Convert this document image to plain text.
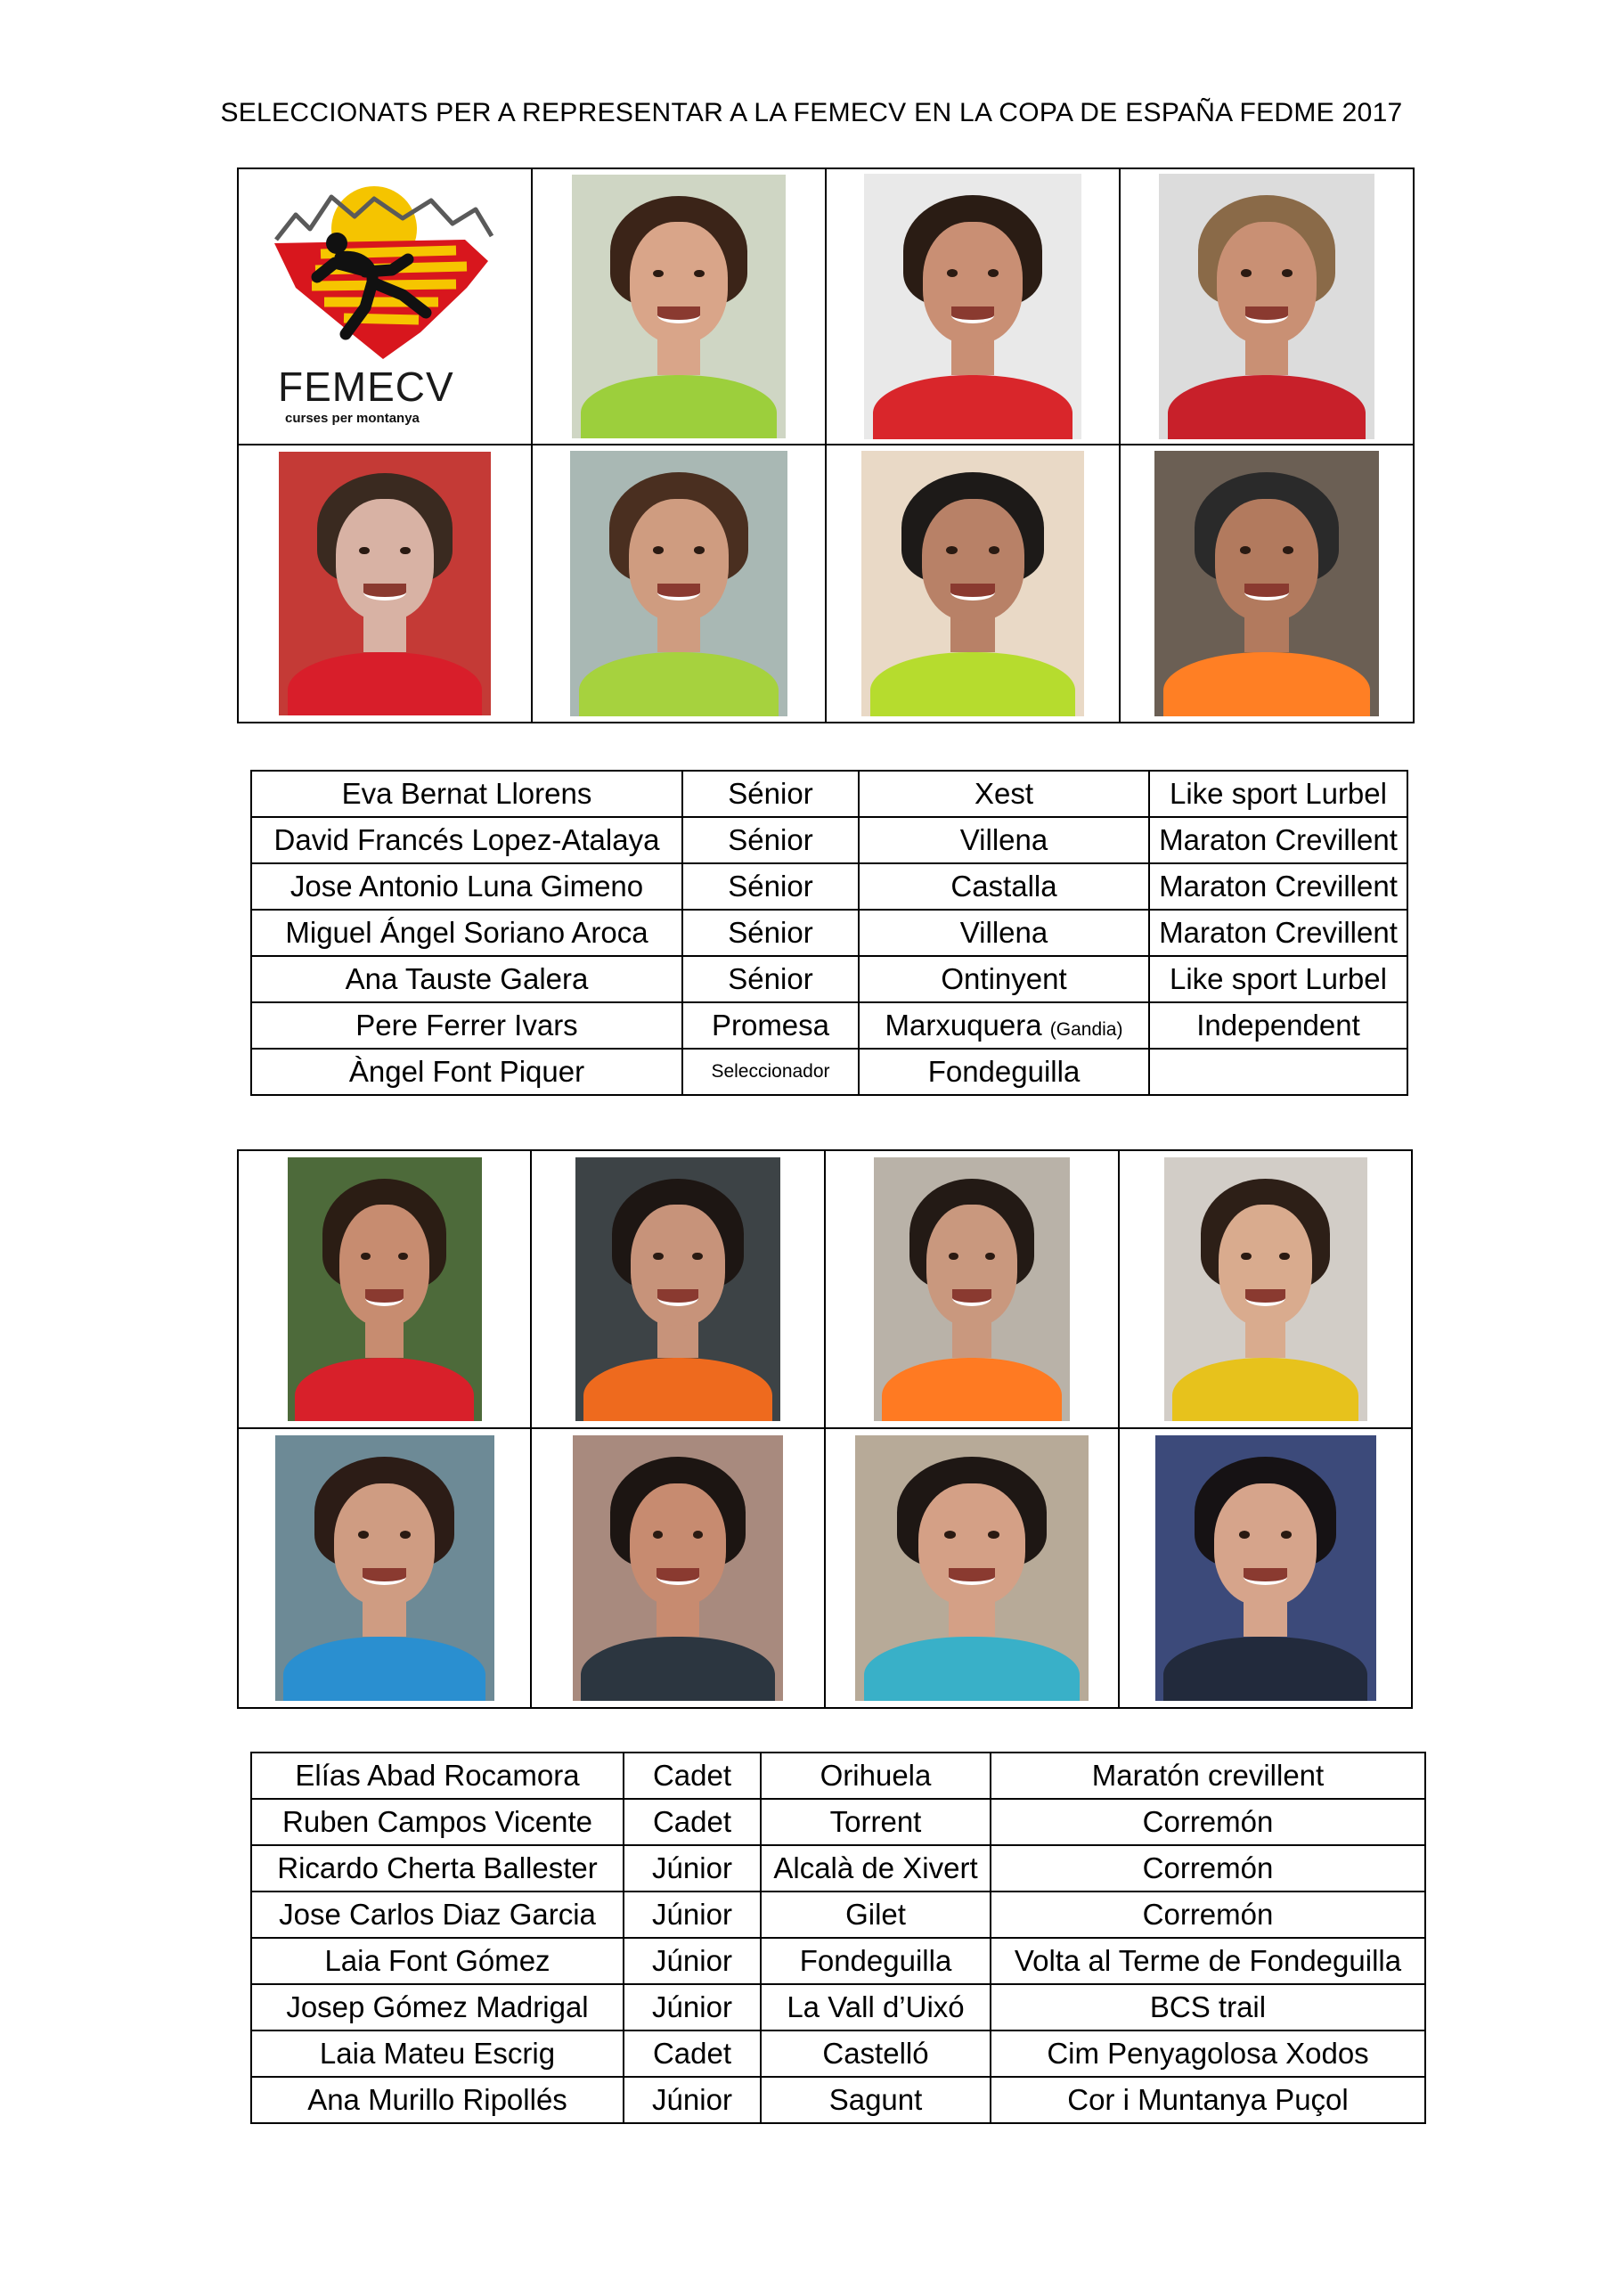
SELECCIONATS PER A REPRESENTAR A LA FEMECV EN LA COPA DE ESPAÑA FEDME 2017
FEMECV
curses per montanya			

Eva Bernat Llorens	Sénior	Xest	Like sport Lurbel
David Francés Lopez-Atalaya	Sénior	Villena	Maraton Crevillent
Jose Antonio Luna Gimeno	Sénior	Castalla	Maraton Crevillent
Miguel Ángel Soriano Aroca	Sénior	Villena	Maraton Crevillent
Ana Tauste Galera	Sénior	Ontinyent	Like sport Lurbel
Pere Ferrer Ivars	Promesa	Marxuquera (Gandia)	Independent
Àngel Font Piquer	Seleccionador	Fondeguilla	

Elías Abad Rocamora	Cadet	Orihuela	Maratón crevillent
Ruben Campos Vicente	Cadet	Torrent	Corremón
Ricardo Cherta Ballester	Júnior	Alcalà de Xivert	Corremón
Jose Carlos Diaz Garcia	Júnior	Gilet	Corremón
Laia Font Gómez	Júnior	Fondeguilla	Volta al Terme de Fondeguilla
Josep Gómez Madrigal	Júnior	La Vall d’Uixó	BCS trail
Laia Mateu Escrig	Cadet	Castelló	Cim Penyagolosa Xodos
Ana Murillo Ripollés	Júnior	Sagunt	Cor i Muntanya Puçol
